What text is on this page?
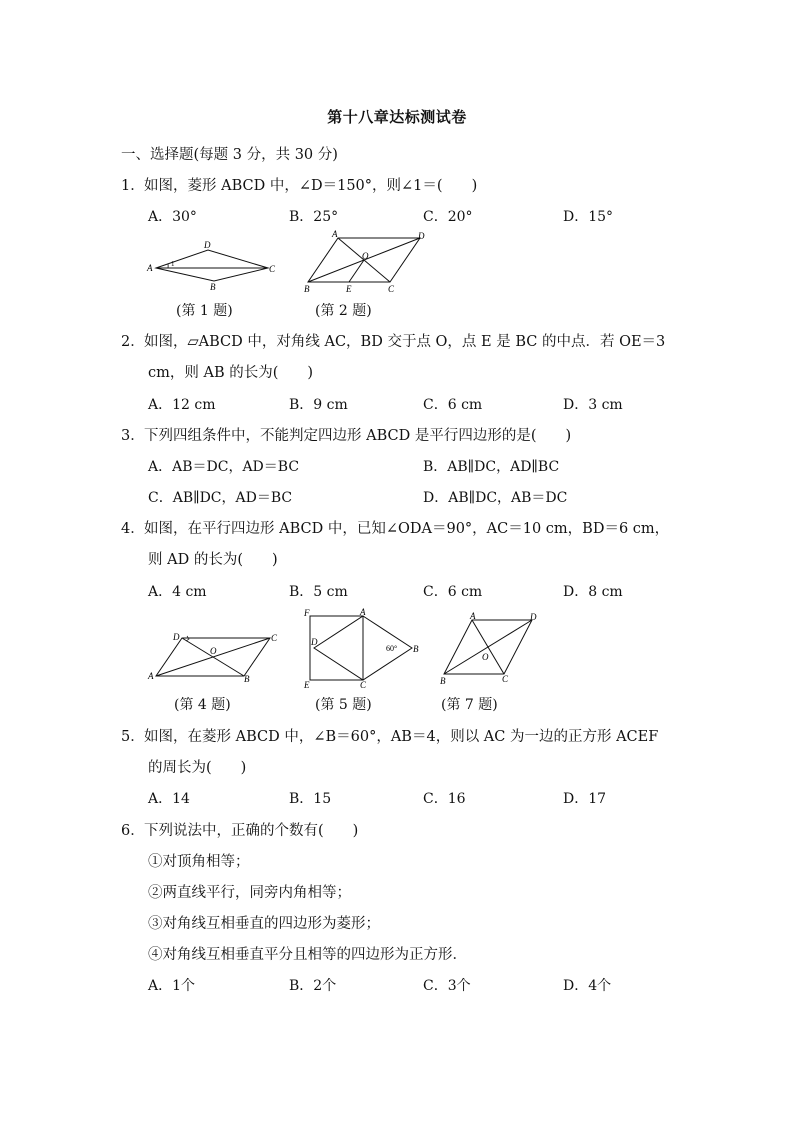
第十八章达标测试卷
一、选择题(每题 3 分，共 30 分)
1． 如图，菱形 ABCD 中，∠D＝150°，则∠1＝(　　)
A．30°	B．25°	C．20°	D．15°
A
B
C
D
1
(第 1 题)
A
B	C
D
O
E
(第 2 题)
2． 如图，▱ABCD 中，对角线 AC，BD 交于点 O，点 E 是 BC 的中点．若 OE＝3
cm，则 AB 的长为(　　)
A．12 cm	B．9 cm	C．6 cm	D．3 cm
3． 下列四组条件中，不能判定四边形 ABCD 是平行四边形的是(　　)
A．AB＝DC，AD＝BC	B．AB∥DC，AD∥BC
C．AB∥DC，AD＝BC	D．AB∥DC，AB＝DC
4． 如图，在平行四边形 ABCD 中，已知∠ODA＝90°，AC＝10 cm，BD＝6 cm，
则 AD 的长为(　　)
A．4 cm	B．5 cm	C．6 cm	D．8 cm
A	B
C
D
O
(第 4 题)
F	A
B
C
D
E
60°
(第 5 题)
A
B	C
D
O
(第 7 题)
5． 如图，在菱形 ABCD 中，∠B＝60°，AB＝4，则以 AC 为一边的正方形 ACEF
的周长为(　　)
A．14	B．15	C．16	D．17
6． 下列说法中，正确的个数有(　　)
①对顶角相等；
②两直线平行，同旁内角相等；
③对角线互相垂直的四边形为菱形；
④对角线互相垂直平分且相等的四边形为正方形．
A．1个	B．2个	C．3个	D．4个
